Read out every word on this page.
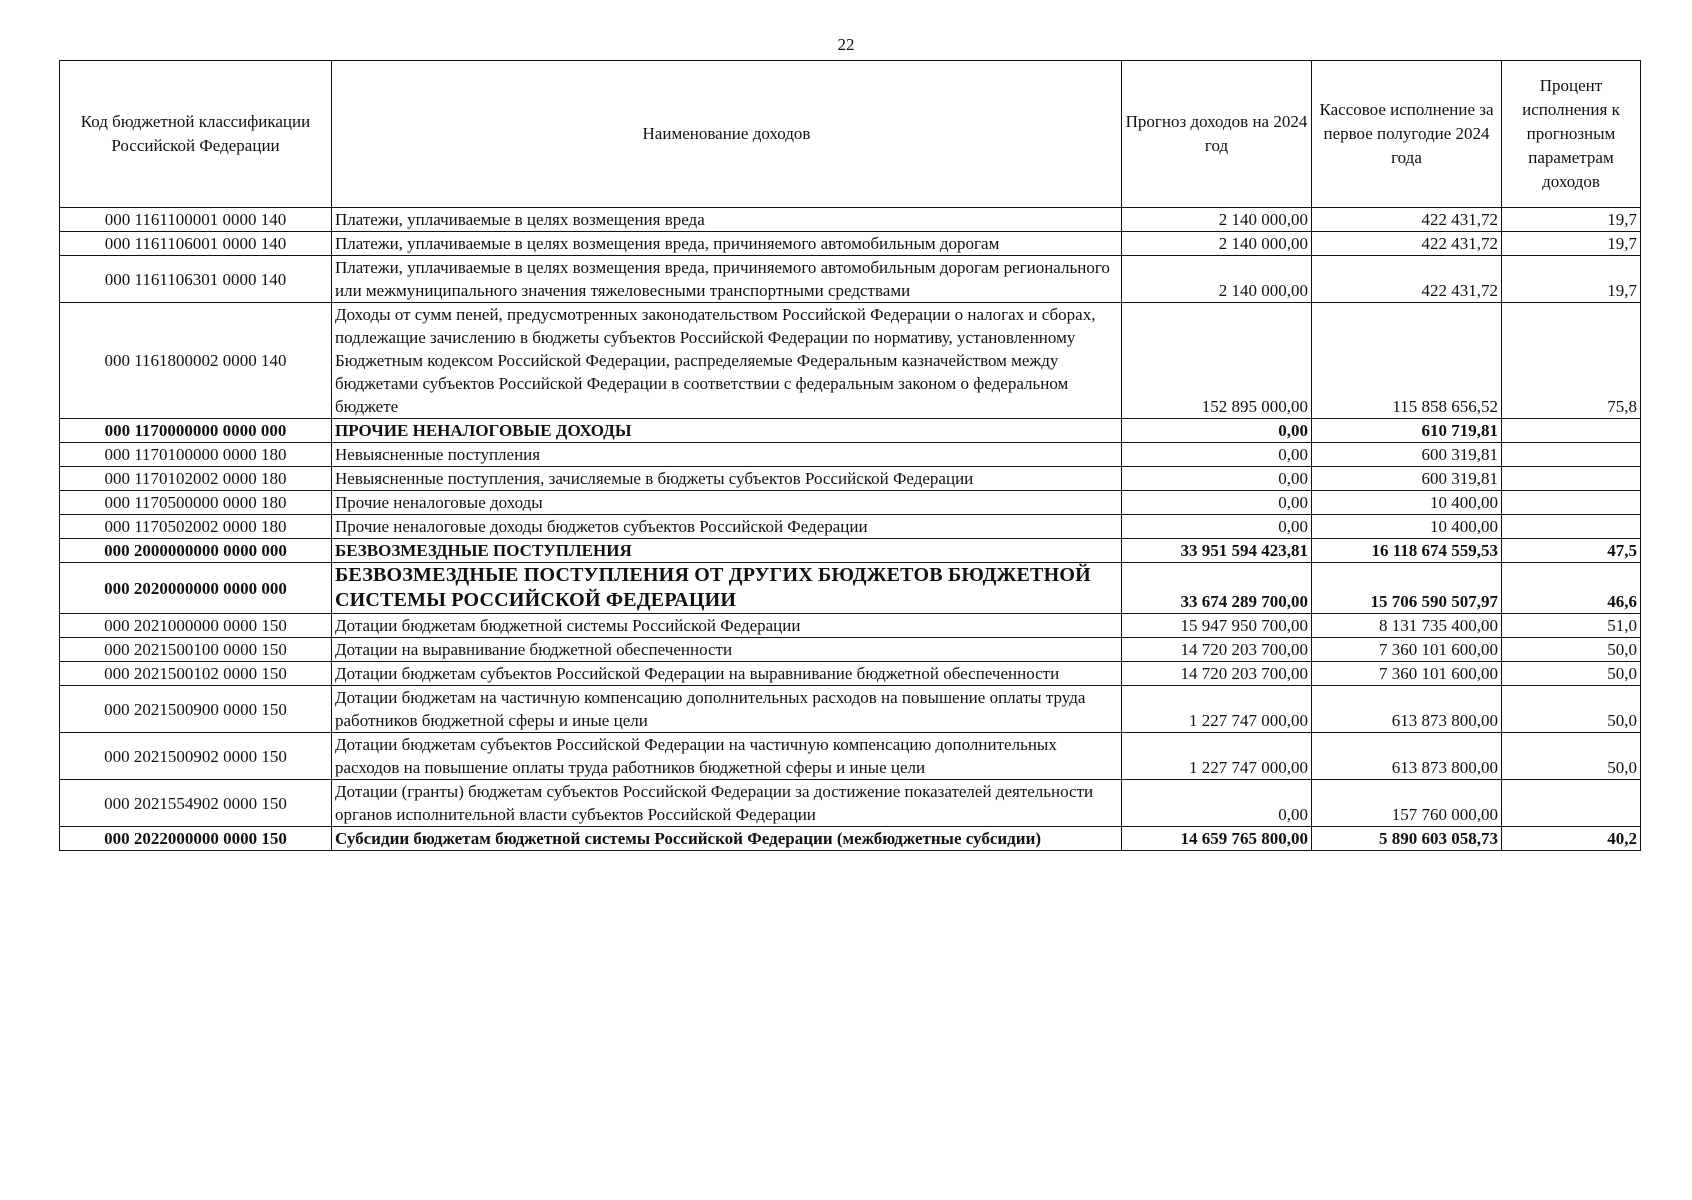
22
Код бюджетной классификации Российской Федерации	Наименование доходов	Прогноз доходов на 2024 год	Кассовое исполнение за первое полугодие 2024 года	Процент исполнения к прогнозным параметрам доходов
000 1161100001 0000 140	Платежи, уплачиваемые в целях возмещения вреда	2 140 000,00	422 431,72	19,7
000 1161106001 0000 140	Платежи, уплачиваемые в целях возмещения вреда, причиняемого автомобильным дорогам	2 140 000,00	422 431,72	19,7
000 1161106301 0000 140	Платежи, уплачиваемые в целях возмещения вреда, причиняемого автомобильным дорогам регионального или межмуниципального значения тяжеловесными транспортными средствами	2 140 000,00	422 431,72	19,7
000 1161800002 0000 140	Доходы от сумм пеней, предусмотренных законодательством Российской Федерации о налогах и сборах, подлежащие зачислению в бюджеты субъектов Российской Федерации по нормативу, установленному Бюджетным кодексом Российской Федерации, распределяемые Федеральным казначейством между бюджетами субъектов Российской Федерации в соответствии с федеральным законом о федеральном бюджете	152 895 000,00	115 858 656,52	75,8
000 1170000000 0000 000	ПРОЧИЕ НЕНАЛОГОВЫЕ ДОХОДЫ	0,00	610 719,81	
000 1170100000 0000 180	Невыясненные поступления	0,00	600 319,81	
000 1170102002 0000 180	Невыясненные поступления, зачисляемые в бюджеты субъектов Российской Федерации	0,00	600 319,81	
000 1170500000 0000 180	Прочие неналоговые доходы	0,00	10 400,00	
000 1170502002 0000 180	Прочие неналоговые доходы бюджетов субъектов Российской Федерации	0,00	10 400,00	
000 2000000000 0000 000	БЕЗВОЗМЕЗДНЫЕ ПОСТУПЛЕНИЯ	33 951 594 423,81	16 118 674 559,53	47,5
000 2020000000 0000 000	БЕЗВОЗМЕЗДНЫЕ ПОСТУПЛЕНИЯ ОТ ДРУГИХ БЮДЖЕТОВ БЮДЖЕТНОЙ СИСТЕМЫ РОССИЙСКОЙ ФЕДЕРАЦИИ	33 674 289 700,00	15 706 590 507,97	46,6
000 2021000000 0000 150	Дотации бюджетам бюджетной системы Российской Федерации	15 947 950 700,00	8 131 735 400,00	51,0
000 2021500100 0000 150	Дотации на выравнивание бюджетной обеспеченности	14 720 203 700,00	7 360 101 600,00	50,0
000 2021500102 0000 150	Дотации бюджетам субъектов Российской Федерации на выравнивание бюджетной обеспеченности	14 720 203 700,00	7 360 101 600,00	50,0
000 2021500900 0000 150	Дотации бюджетам на частичную компенсацию дополнительных расходов на повышение оплаты труда работников бюджетной сферы и иные цели	1 227 747 000,00	613 873 800,00	50,0
000 2021500902 0000 150	Дотации бюджетам субъектов Российской Федерации на частичную компенсацию дополнительных расходов на повышение оплаты труда работников бюджетной сферы и иные цели	1 227 747 000,00	613 873 800,00	50,0
000 2021554902 0000 150	Дотации (гранты) бюджетам субъектов Российской Федерации за достижение показателей деятельности органов исполнительной власти субъектов Российской Федерации	0,00	157 760 000,00	
000 2022000000 0000 150	Субсидии бюджетам бюджетной системы Российской Федерации (межбюджетные субсидии)	14 659 765 800,00	5 890 603 058,73	40,2
